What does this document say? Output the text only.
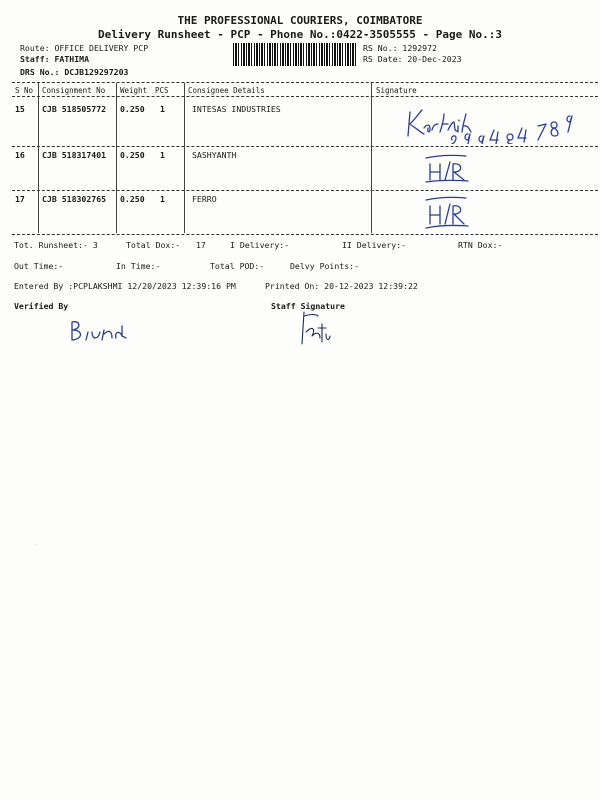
THE PROFESSIONAL COURIERS, COIMBATORE
Delivery Runsheet - PCP - Phone No.:0422-3505555 - Page No.:3
Route: OFFICE DELIVERY PCP
Staff: FATHIMA
DRS No.: DCJB129297203
RS No.: 1292972
RS Date: 20-Dec-2023
S No Consignment No Weight PCS	Consignee Details	Signature
15 CJB 518505772 0.250 1	INTESAS INDUSTRIES
16 CJB 518317401 0.250 1	SASHYANTH
17 CJB 518302765 0.250 1	FERRO
Tot. Runsheet:- 3	Total Dox:- 17	I Delivery:-	II Delivery:-	RTN Dox:-
Out Time:-	In Time:-	Total POD:-	Delvy Points:-
Entered By :PCPLAKSHMI 12/20/2023 12:39:16 PM	Printed On: 20-12-2023 12:39:22
Verified By	Staff Signature
·
